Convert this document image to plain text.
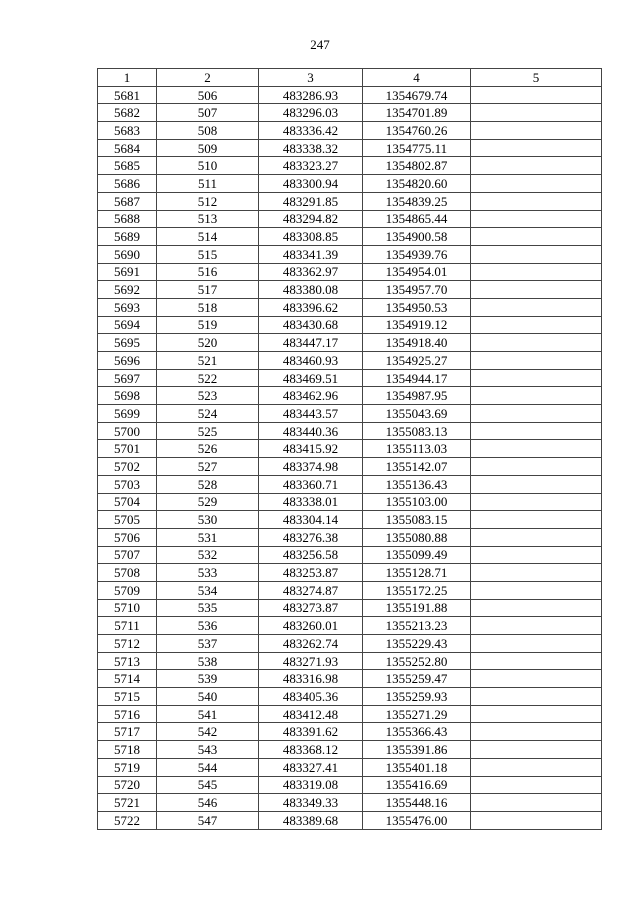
247
1	2	3	4	5
5681	506	483286.93	1354679.74	
5682	507	483296.03	1354701.89	
5683	508	483336.42	1354760.26	
5684	509	483338.32	1354775.11	
5685	510	483323.27	1354802.87	
5686	511	483300.94	1354820.60	
5687	512	483291.85	1354839.25	
5688	513	483294.82	1354865.44	
5689	514	483308.85	1354900.58	
5690	515	483341.39	1354939.76	
5691	516	483362.97	1354954.01	
5692	517	483380.08	1354957.70	
5693	518	483396.62	1354950.53	
5694	519	483430.68	1354919.12	
5695	520	483447.17	1354918.40	
5696	521	483460.93	1354925.27	
5697	522	483469.51	1354944.17	
5698	523	483462.96	1354987.95	
5699	524	483443.57	1355043.69	
5700	525	483440.36	1355083.13	
5701	526	483415.92	1355113.03	
5702	527	483374.98	1355142.07	
5703	528	483360.71	1355136.43	
5704	529	483338.01	1355103.00	
5705	530	483304.14	1355083.15	
5706	531	483276.38	1355080.88	
5707	532	483256.58	1355099.49	
5708	533	483253.87	1355128.71	
5709	534	483274.87	1355172.25	
5710	535	483273.87	1355191.88	
5711	536	483260.01	1355213.23	
5712	537	483262.74	1355229.43	
5713	538	483271.93	1355252.80	
5714	539	483316.98	1355259.47	
5715	540	483405.36	1355259.93	
5716	541	483412.48	1355271.29	
5717	542	483391.62	1355366.43	
5718	543	483368.12	1355391.86	
5719	544	483327.41	1355401.18	
5720	545	483319.08	1355416.69	
5721	546	483349.33	1355448.16	
5722	547	483389.68	1355476.00	
